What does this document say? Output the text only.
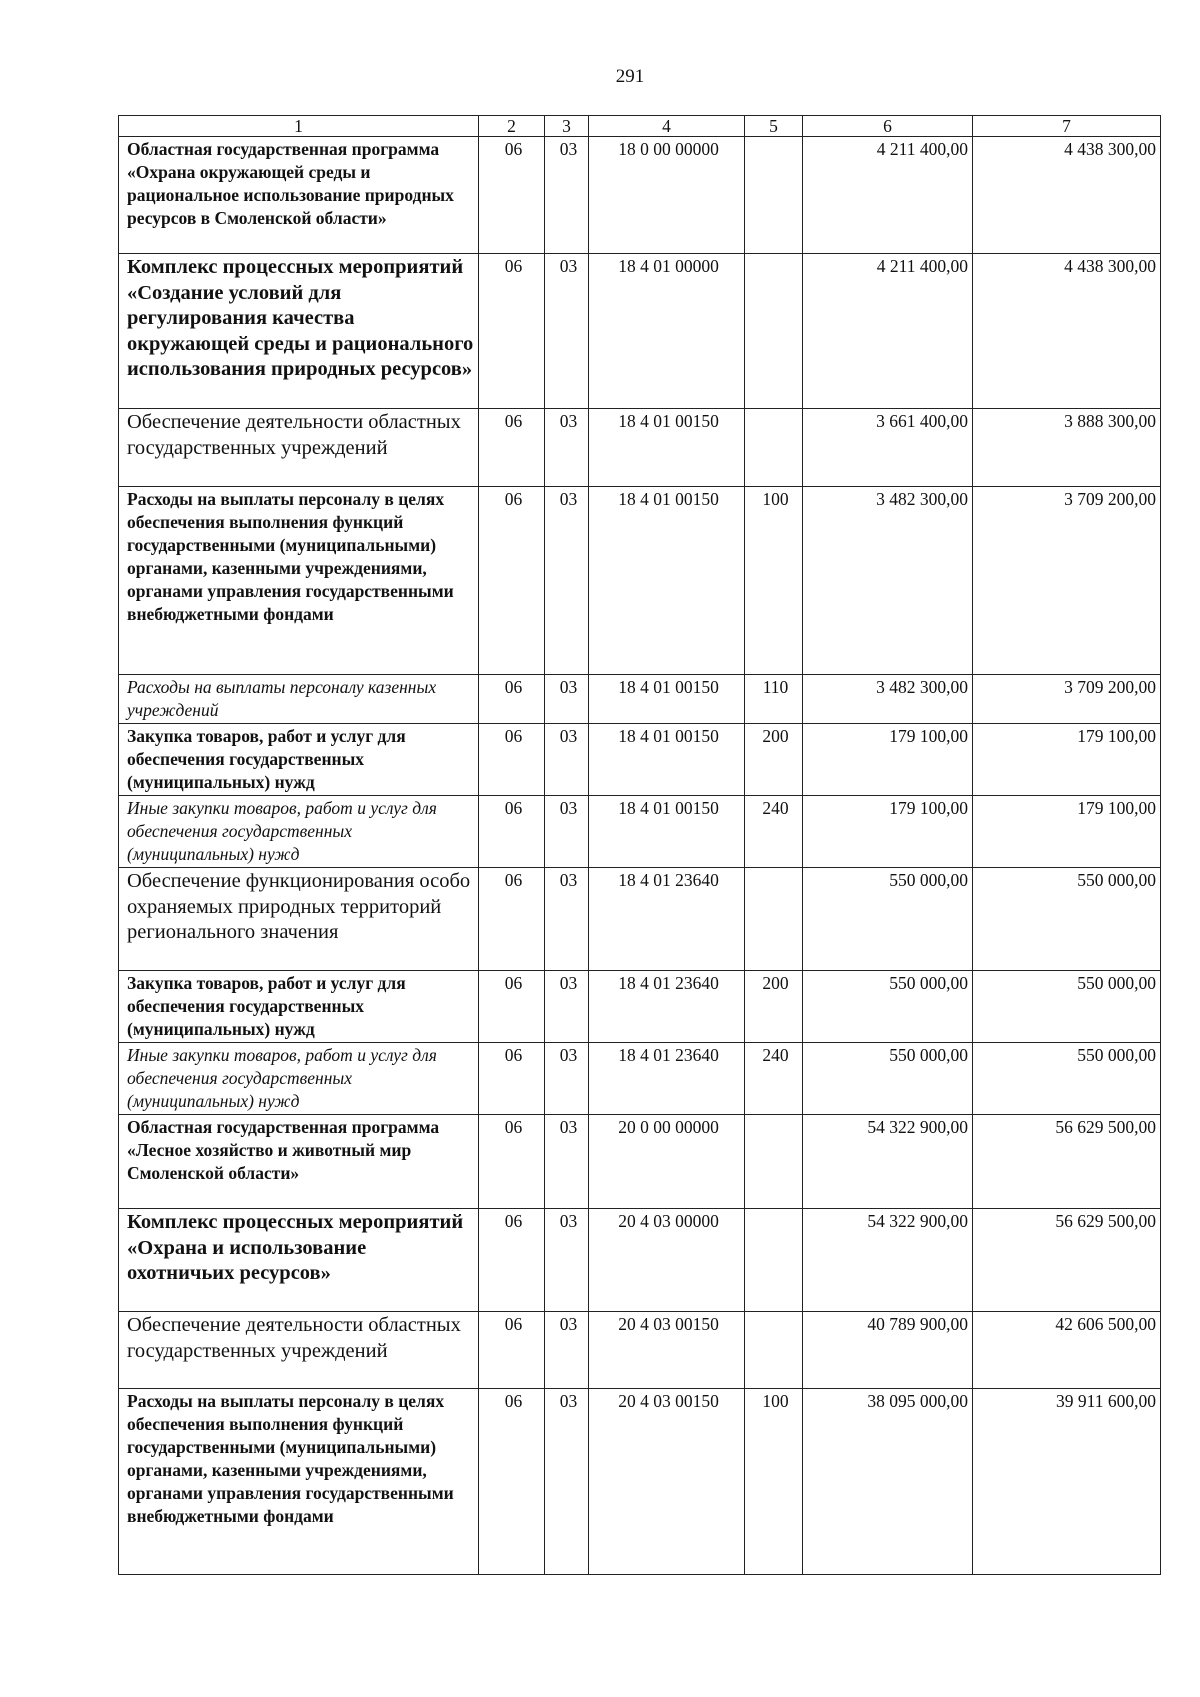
291
1	2	3	4	5	6	7
Областная государственная программа «Охрана окружающей среды и рациональное использование природных ресурсов в Смоленской области»	06	03	18 0 00 00000		4 211 400,00	4 438 300,00
Комплекс процессных мероприятий «Создание условий для регулирования качества окружающей среды и рационального использования природных ресурсов»	06	03	18 4 01 00000		4 211 400,00	4 438 300,00
Обеспечение деятельности областных государственных учреждений	06	03	18 4 01 00150		3 661 400,00	3 888 300,00
Расходы на выплаты персоналу в целях обеспечения выполнения функций государственными (муниципальными) органами, казенными учреждениями, органами управления государственными внебюджетными фондами	06	03	18 4 01 00150	100	3 482 300,00	3 709 200,00
Расходы на выплаты персоналу казенных учреждений	06	03	18 4 01 00150	110	3 482 300,00	3 709 200,00
Закупка товаров, работ и услуг для обеспечения государственных (муниципальных) нужд	06	03	18 4 01 00150	200	179 100,00	179 100,00
Иные закупки товаров, работ и услуг для обеспечения государственных (муниципальных) нужд	06	03	18 4 01 00150	240	179 100,00	179 100,00
Обеспечение функционирования особо охраняемых природных территорий регионального значения	06	03	18 4 01 23640		550 000,00	550 000,00
Закупка товаров, работ и услуг для обеспечения государственных (муниципальных) нужд	06	03	18 4 01 23640	200	550 000,00	550 000,00
Иные закупки товаров, работ и услуг для обеспечения государственных (муниципальных) нужд	06	03	18 4 01 23640	240	550 000,00	550 000,00
Областная государственная программа «Лесное хозяйство и животный мир Смоленской области»	06	03	20 0 00 00000		54 322 900,00	56 629 500,00
Комплекс процессных мероприятий «Охрана и использование охотничьих ресурсов»	06	03	20 4 03 00000		54 322 900,00	56 629 500,00
Обеспечение деятельности областных государственных учреждений	06	03	20 4 03 00150		40 789 900,00	42 606 500,00
Расходы на выплаты персоналу в целях обеспечения выполнения функций государственными (муниципальными) органами, казенными учреждениями, органами управления государственными внебюджетными фондами	06	03	20 4 03 00150	100	38 095 000,00	39 911 600,00
